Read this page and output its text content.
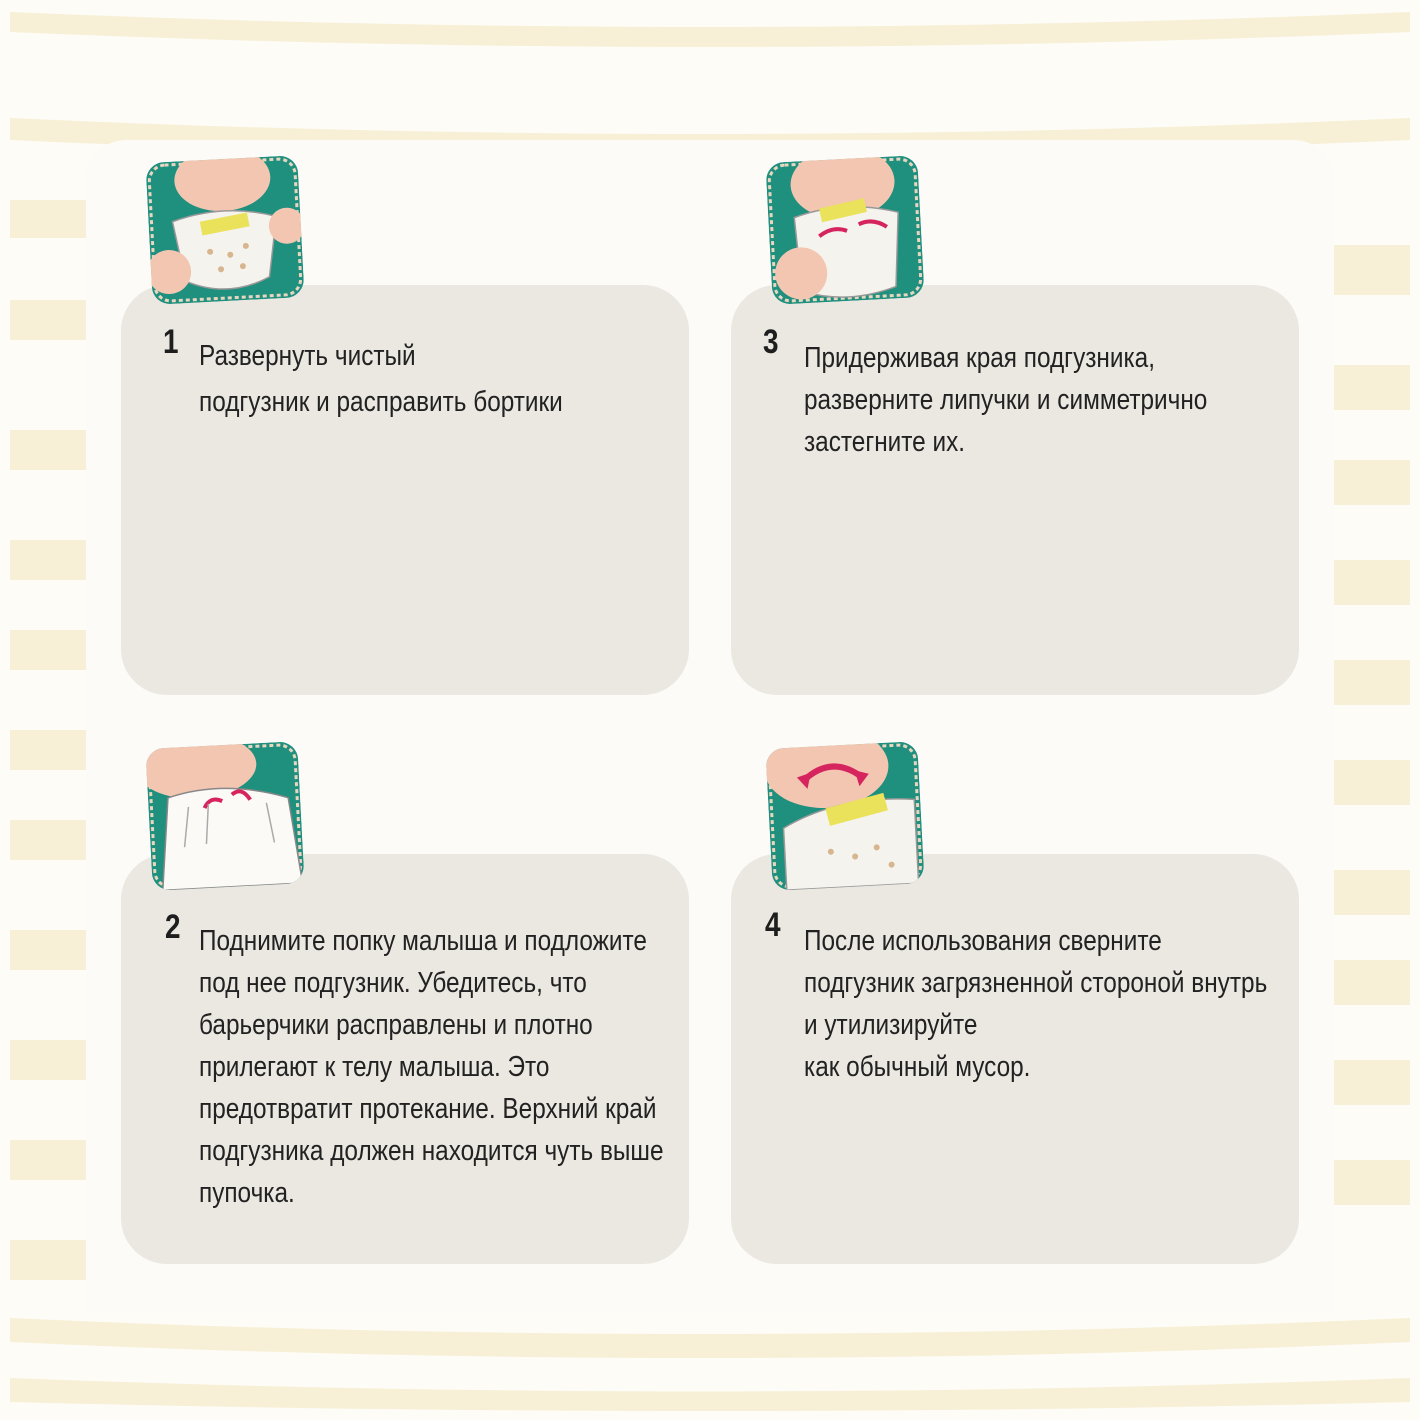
1 Развернуть чистый
подгузник и расправить бортики
3 Придерживая края подгузника,
разверните липучки и симметрично
застегните их.
2 Поднимите попку малыша и подложите
под нее подгузник. Убедитесь, что
барьерчики расправлены и плотно
прилегают к телу малыша. Это
предотвратит протекание. Верхний край
подгузника должен находится чуть выше
пупочка.
4 После использования сверните
подгузник загрязненной стороной внутрь
и утилизируйте
как обычный мусор.
